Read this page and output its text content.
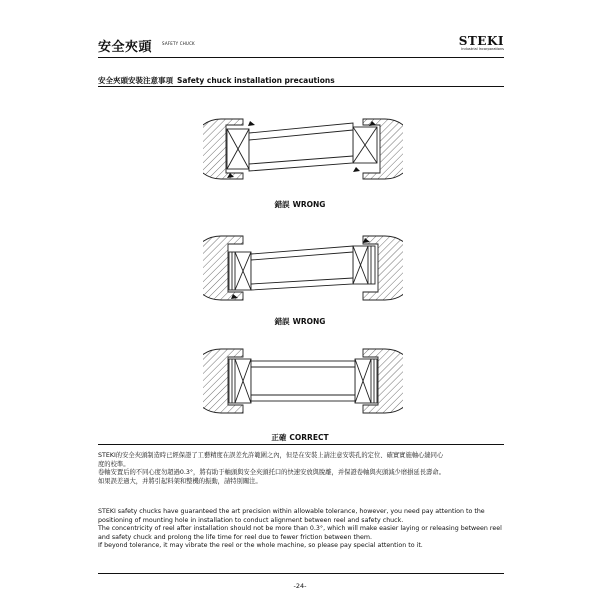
安全夾頭 SAFETY CHUCK	STEKI
Industrial Incorporations
安全夾頭安裝注意事項 Safety chuck installation precautions
錯誤 WRONG
錯誤 WRONG
正確 CORRECT

STEKI的安全夾頭制造時已經保證了工藝精度在誤差允許範圍之內，但是在安裝上請注意安裝孔的定位、確實實施軸心縫同心

度的校準。

卷軸安置后的不同心度勿超過0.3°，將有助于軸頭與安全夾頭托口的快速安放與脫離，并保證卷軸與夾頭減少磨損延長壽命。

如果誤差過大，并將引起料架和整機的振動，請特別關注。

STEKI safety chucks have guaranteed the art precision within allowable tolerance, however, you need pay attention to the

positioning of mounting hole in installation to conduct alignment between reel and safety chuck.

The concentricity of reel after installation should not be more than 0.3°, which will make easier laying or releasing between reel

and safety chuck and prolong the life time for reel due to fewer friction between them.

If beyond tolerance, it may vibrate the reel or the whole machine, so please pay special attention to it.

-24-
